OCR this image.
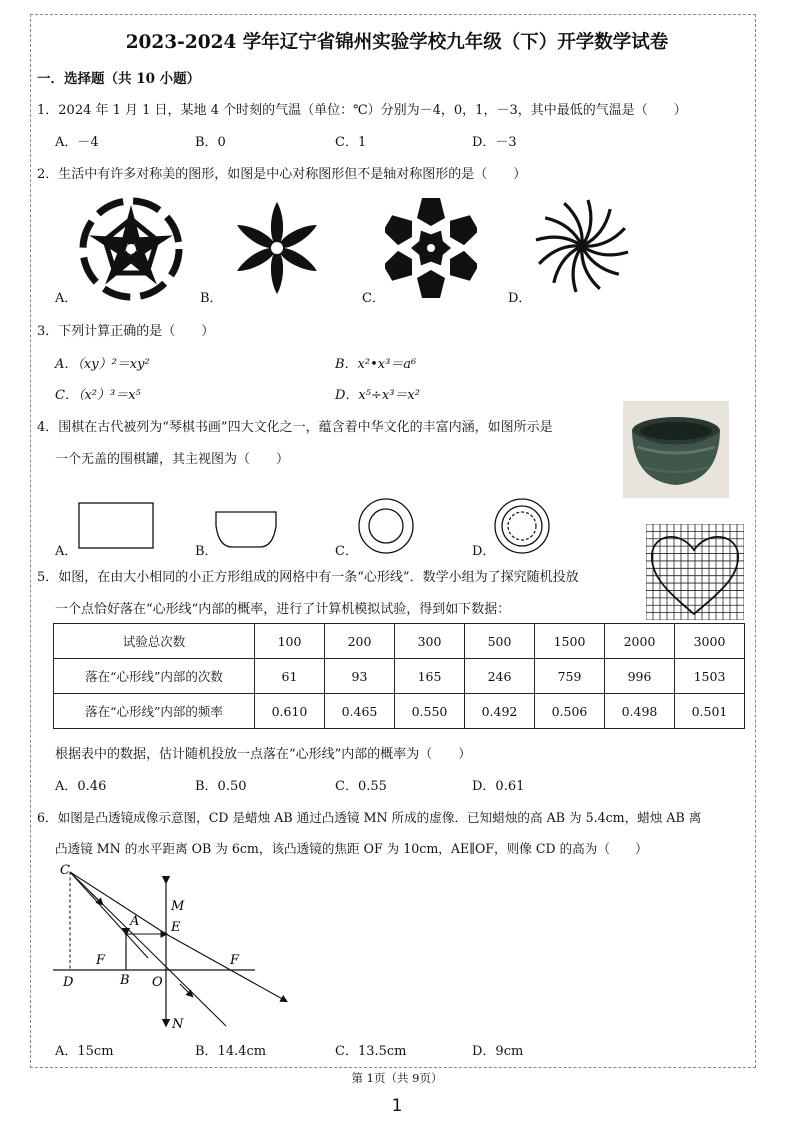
2023-2024 学年辽宁省锦州实验学校九年级（下）开学数学试卷
一．选择题（共 10 小题）
1．2024 年 1 月 1 日，某地 4 个时刻的气温（单位：℃）分别为－4，0，1，－3，其中最低的气温是（　　）
A．－4	B．0	C．1	D．－3
2．生活中有许多对称美的图形，如图是中心对称图形但不是轴对称图形的是（　　）
A．	B．	C．	D．
3．下列计算正确的是（　　）
A．（xy）²＝xy²	B．x²•x³＝a⁶
C．（x²）³＝x⁵	D．x⁵÷x³＝x²
4．围棋在古代被列为“琴棋书画”四大文化之一，蕴含着中华文化的丰富内涵，如图所示是
一个无盖的围棋罐，其主视图为（　　）
A．	B．	C．	D．
5．如图，在由大小相同的小正方形组成的网格中有一条“心形线”．数学小组为了探究随机投放
一个点恰好落在“心形线”内部的概率，进行了计算机模拟试验，得到如下数据：
试验总次数	100	200	300	500	1500	2000	3000
落在“心形线”内部的次数	61	93	165	246	759	996	1503
落在“心形线”内部的频率	0.610	0.465	0.550	0.492	0.506	0.498	0.501
根据表中的数据，估计随机投放一点落在“心形线”内部的概率为（　　）
A．0.46	B．0.50	C．0.55	D．0.61
6．如图是凸透镜成像示意图，CD 是蜡烛 AB 通过凸透镜 MN 所成的虚像．已知蜡烛的高 AB 为 5.4cm，蜡烛 AB 离
凸透镜 MN 的水平距离 OB 为 6cm，该凸透镜的焦距 OF 为 10cm，AE∥OF，则像 CD 的高为（　　）
C
A
M
E
F	F
D	B O
N
A．15cm	B．14.4cm	C．13.5cm	D．9cm
第 1页（共 9页）
1
